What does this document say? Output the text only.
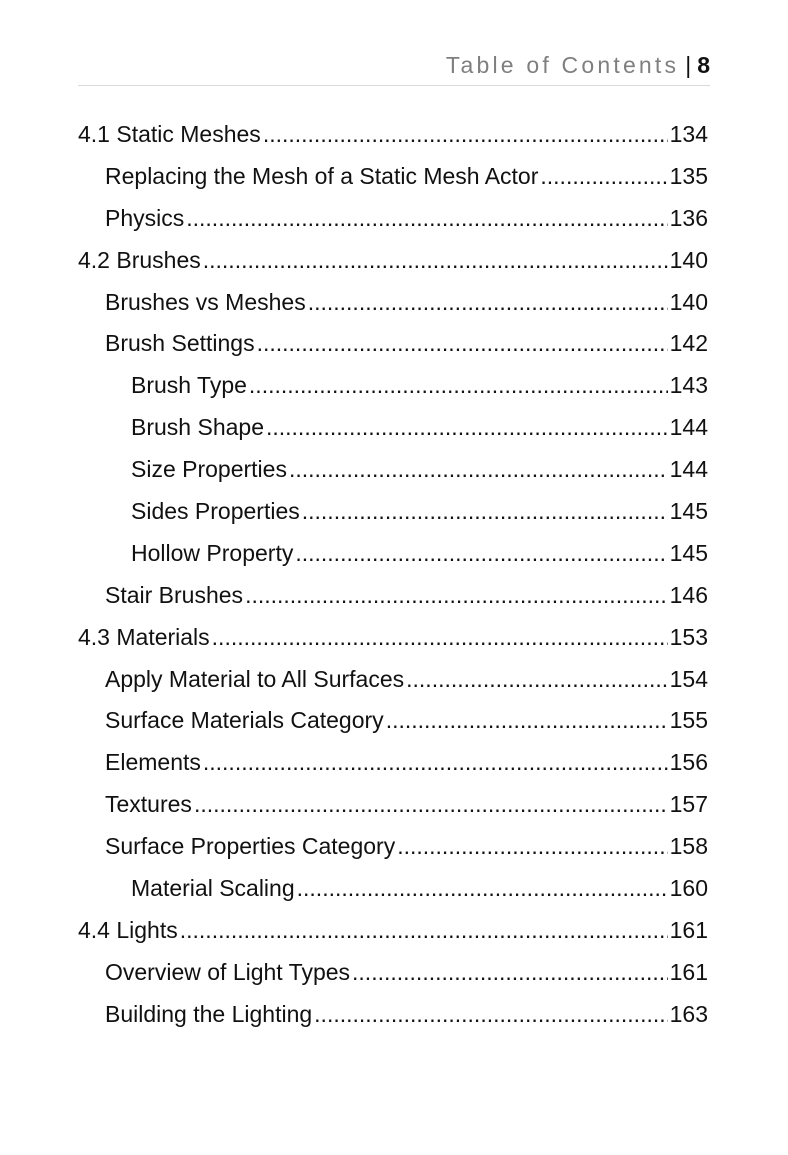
Table of Contents | 8
4.1 Static Meshes .....	134
Replacing the Mesh of a Static Mesh Actor .....	135
Physics .....	136
4.2 Brushes .....	140
Brushes vs Meshes .....	140
Brush Settings .....	142
Brush Type .....	143
Brush Shape .....	144
Size Properties .....	144
Sides Properties .....	145
Hollow Property .....	145
Stair Brushes .....	146
4.3 Materials .....	153
Apply Material to All Surfaces .....	154
Surface Materials Category .....	155
Elements .....	156
Textures .....	157
Surface Properties Category .....	158
Material Scaling .....	160
4.4 Lights .....	161
Overview of Light Types .....	161
Building the Lighting .....	163
